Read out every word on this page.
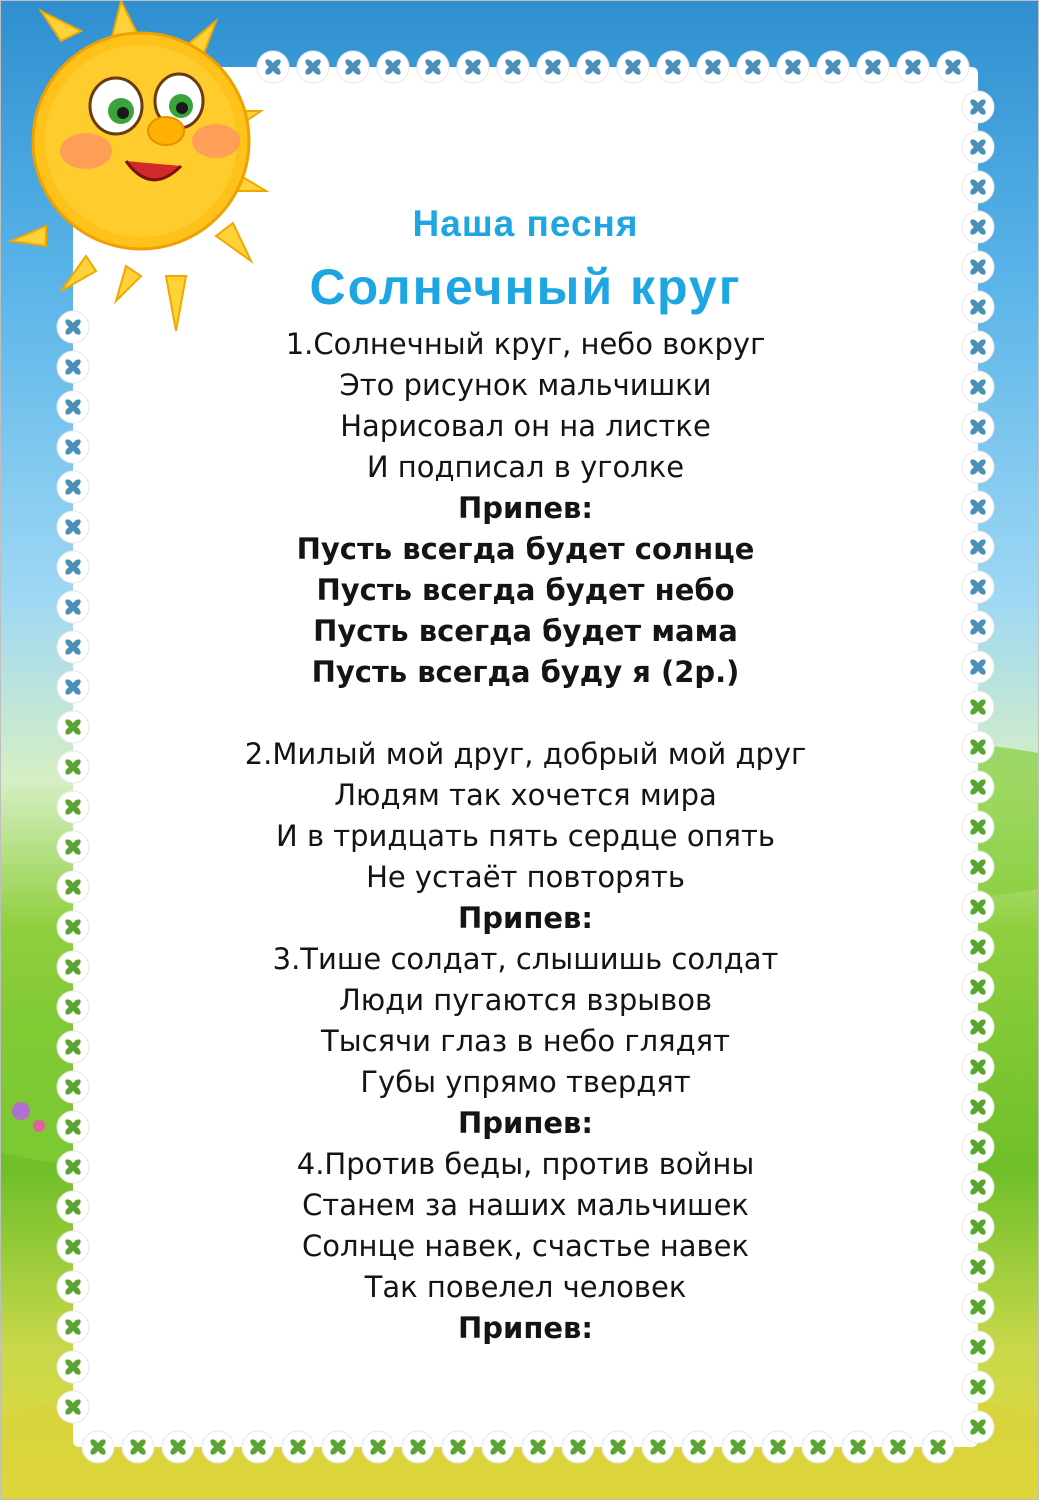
Наша песня
Солнечный круг
1.Солнечный круг, небо вокруг
Это рисунок мальчишки
Нарисовал он на листке
И подписал в уголке
Припев:
Пусть всегда будет солнце
Пусть всегда будет небо
Пусть всегда будет мама
Пусть всегда буду я (2р.)
2.Милый мой друг, добрый мой друг
Людям так хочется мира
И в тридцать пять сердце опять
Не устаёт повторять
Припев:
3.Тише солдат, слышишь солдат
Люди пугаются взрывов
Тысячи глаз в небо глядят
Губы упрямо твердят
Припев:
4.Против беды, против войны
Станем за наших мальчишек
Солнце навек, счастье навек
Так повелел человек
Припев:
